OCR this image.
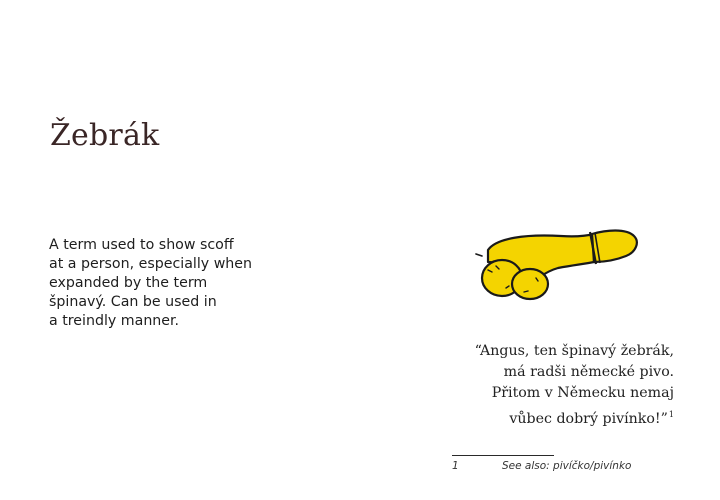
Žebrák
A term used to show scoff
at a person, especially when
expanded by the term
špinavý. Can be used in
a treindly manner.
“Angus, ten špinavý žebrák,
má radši německé pivo.
Přitom v Německu nemaj
vůbec dobrý pivínko!”$^1$
1	See also: pivíčko/pivínko
